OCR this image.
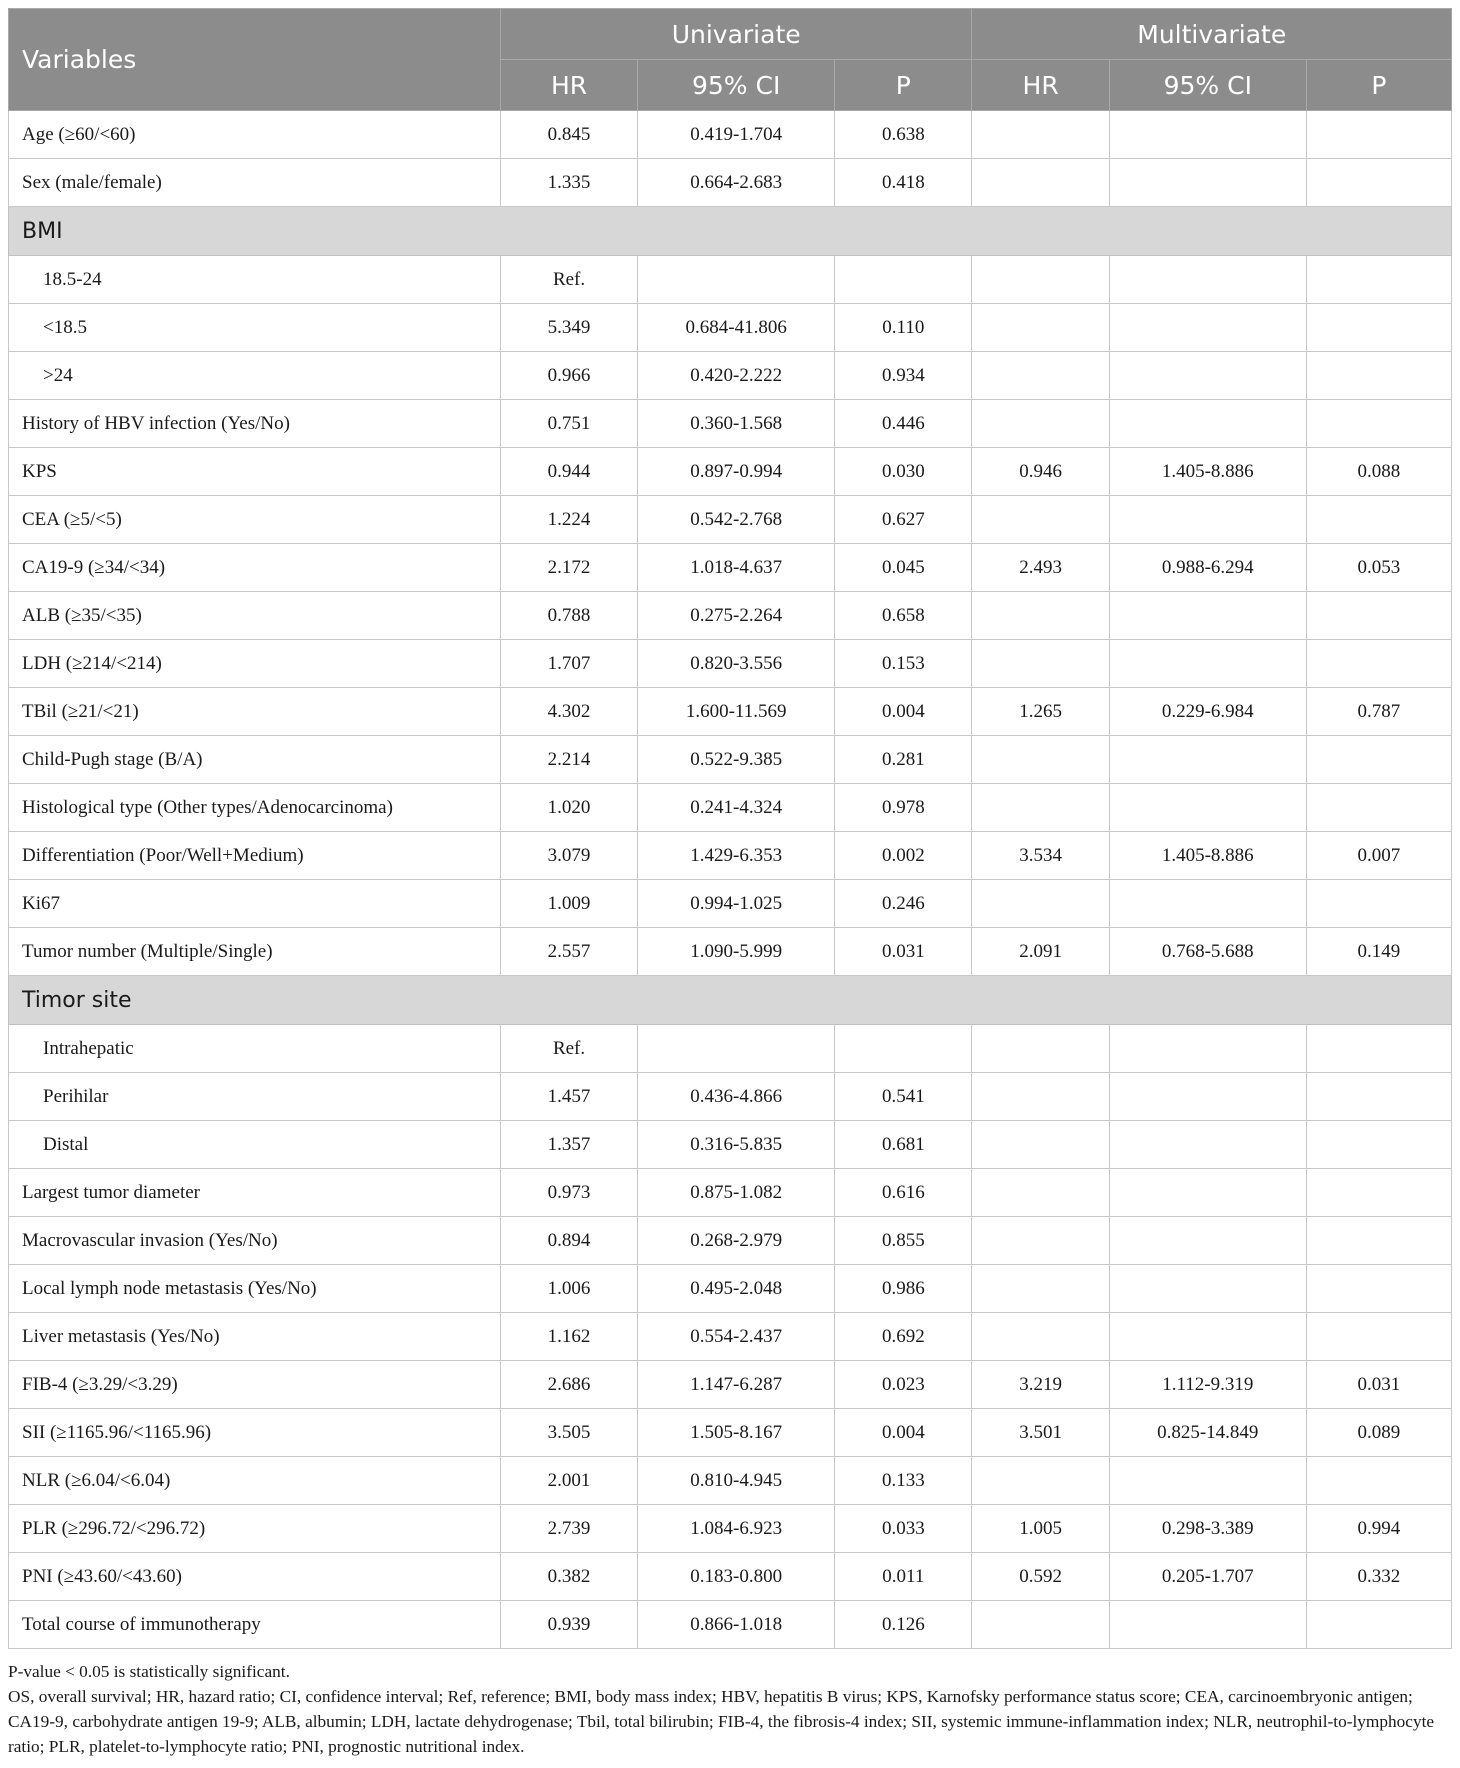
Variables	Univariate			Multivariate		
	HR	95% CI	P	HR	95% CI	P
Age (≥60/<60)	0.845	0.419-1.704	0.638			
Sex (male/female)	1.335	0.664-2.683	0.418			
BMI						
18.5-24	Ref.					
<18.5	5.349	0.684-41.806	0.110			
>24	0.966	0.420-2.222	0.934			
History of HBV infection (Yes/No)	0.751	0.360-1.568	0.446			
KPS	0.944	0.897-0.994	0.030	0.946	1.405-8.886	0.088
CEA (≥5/<5)	1.224	0.542-2.768	0.627			
CA19-9 (≥34/<34)	2.172	1.018-4.637	0.045	2.493	0.988-6.294	0.053
ALB (≥35/<35)	0.788	0.275-2.264	0.658			
LDH (≥214/<214)	1.707	0.820-3.556	0.153			
TBil (≥21/<21)	4.302	1.600-11.569	0.004	1.265	0.229-6.984	0.787
Child-Pugh stage (B/A)	2.214	0.522-9.385	0.281			
Histological type (Other types/Adenocarcinoma)	1.020	0.241-4.324	0.978			
Differentiation (Poor/Well+Medium)	3.079	1.429-6.353	0.002	3.534	1.405-8.886	0.007
Ki67	1.009	0.994-1.025	0.246			
Tumor number (Multiple/Single)	2.557	1.090-5.999	0.031	2.091	0.768-5.688	0.149
Timor site						
Intrahepatic	Ref.					
Perihilar	1.457	0.436-4.866	0.541			
Distal	1.357	0.316-5.835	0.681			
Largest tumor diameter	0.973	0.875-1.082	0.616			
Macrovascular invasion (Yes/No)	0.894	0.268-2.979	0.855			
Local lymph node metastasis (Yes/No)	1.006	0.495-2.048	0.986			
Liver metastasis (Yes/No)	1.162	0.554-2.437	0.692			
FIB-4 (≥3.29/<3.29)	2.686	1.147-6.287	0.023	3.219	1.112-9.319	0.031
SII (≥1165.96/<1165.96)	3.505	1.505-8.167	0.004	3.501	0.825-14.849	0.089
NLR (≥6.04/<6.04)	2.001	0.810-4.945	0.133			
PLR (≥296.72/<296.72)	2.739	1.084-6.923	0.033	1.005	0.298-3.389	0.994
PNI (≥43.60/<43.60)	0.382	0.183-0.800	0.011	0.592	0.205-1.707	0.332
Total course of immunotherapy	0.939	0.866-1.018	0.126			
P-value < 0.05 is statistically significant.
OS, overall survival; HR, hazard ratio; CI, confidence interval; Ref, reference; BMI, body mass index; HBV, hepatitis B virus; KPS, Karnofsky performance status score; CEA, carcinoembryonic antigen; CA19-9, carbohydrate antigen 19-9; ALB, albumin; LDH, lactate dehydrogenase; Tbil, total bilirubin; FIB-4, the fibrosis-4 index; SII, systemic immune-inflammation index; NLR, neutrophil-to-lymphocyte ratio; PLR, platelet-to-lymphocyte ratio; PNI, prognostic nutritional index.
